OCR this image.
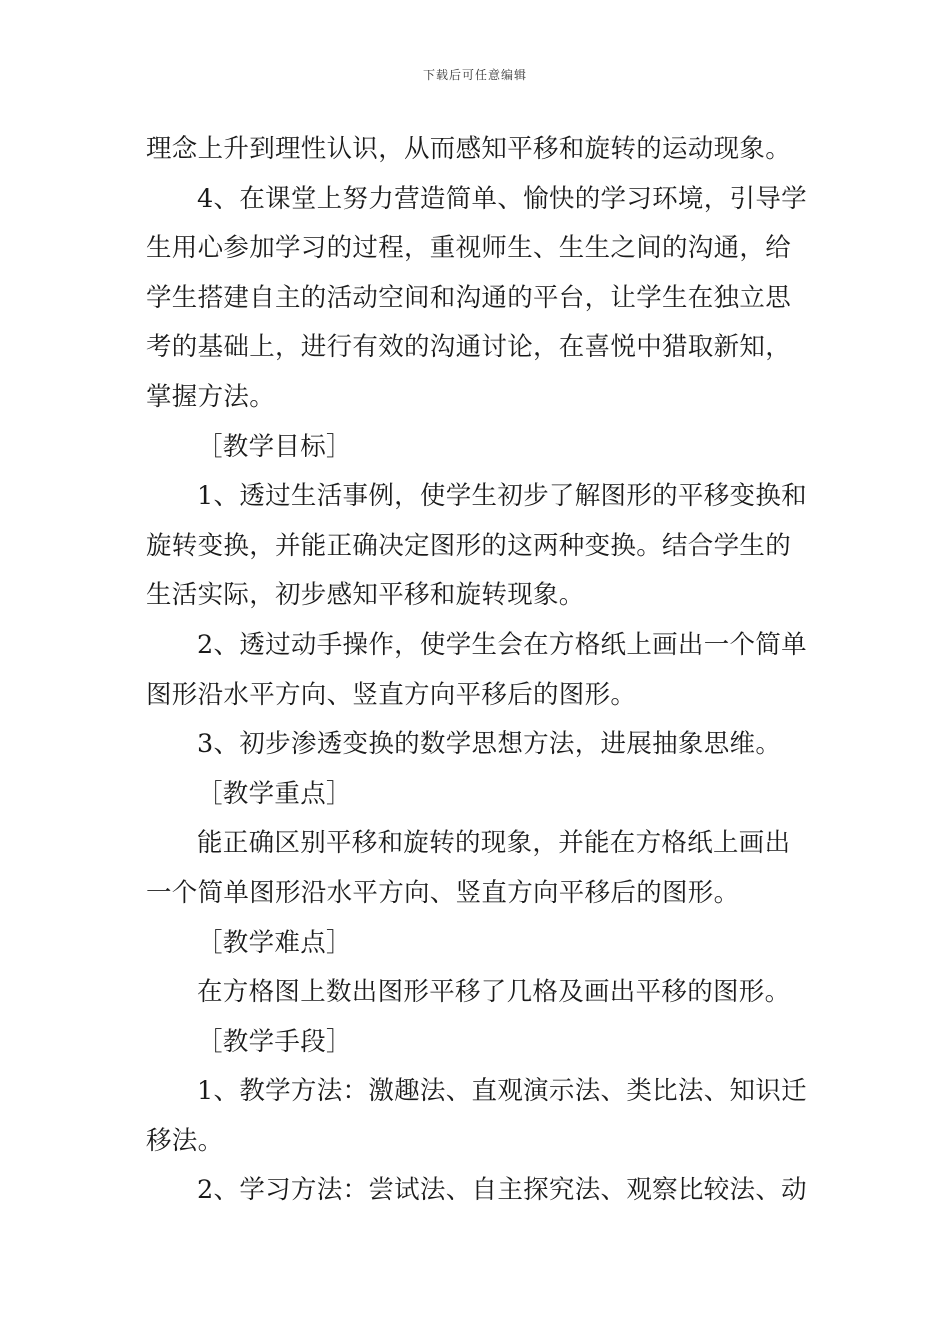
下载后可任意编辑
理念上升到理性认识，从而感知平移和旋转的运动现象。
4、在课堂上努力营造简单、愉快的学习环境，引导学
生用心参加学习的过程，重视师生、生生之间的沟通，给
学生搭建自主的活动空间和沟通的平台，让学生在独立思
考的基础上，进行有效的沟通讨论，在喜悦中猎取新知，
掌握方法。
［教学目标］
1、透过生活事例，使学生初步了解图形的平移变换和
旋转变换，并能正确决定图形的这两种变换。结合学生的
生活实际，初步感知平移和旋转现象。
2、透过动手操作，使学生会在方格纸上画出一个简单
图形沿水平方向、竖直方向平移后的图形。
3、初步渗透变换的数学思想方法，进展抽象思维。
［教学重点］
能正确区别平移和旋转的现象，并能在方格纸上画出
一个简单图形沿水平方向、竖直方向平移后的图形。
［教学难点］
在方格图上数出图形平移了几格及画出平移的图形。
［教学手段］
1、教学方法：激趣法、直观演示法、类比法、知识迁
移法。
2、学习方法：尝试法、自主探究法、观察比较法、动
